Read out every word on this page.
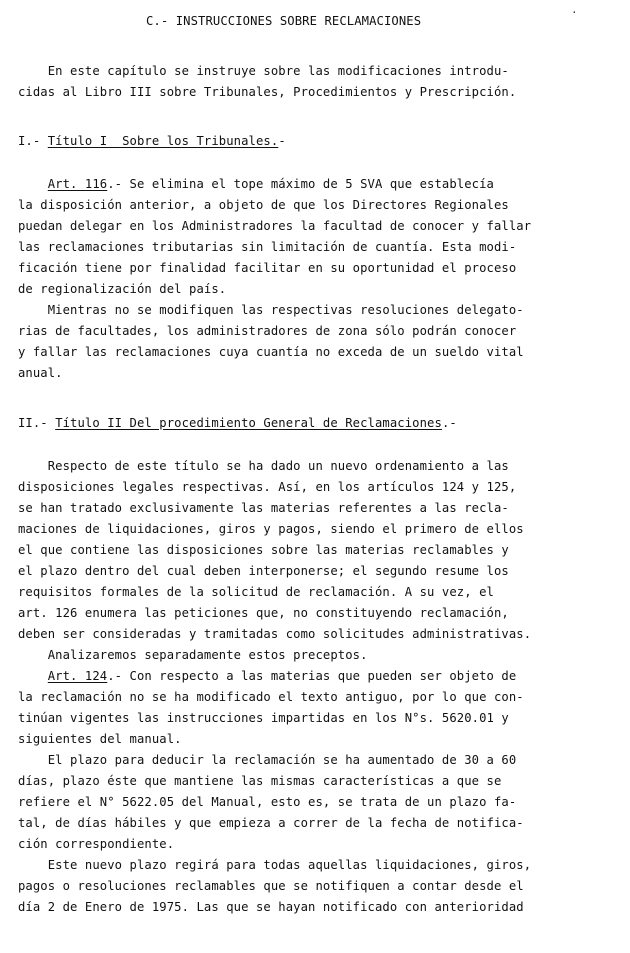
·
C.- INSTRUCCIONES SOBRE RECLAMACIONES
En este capítulo se instruye sobre las modificaciones introdu-
cidas al Libro III sobre Tribunales, Procedimientos y Prescripción.
I.- Título I  Sobre los Tribunales.-
Art. 116.- Se elimina el tope máximo de 5 SVA que establecía
la disposición anterior, a objeto de que los Directores Regionales
puedan delegar en los Administradores la facultad de conocer y fallar
las reclamaciones tributarias sin limitación de cuantía. Esta modi-
ficación tiene por finalidad facilitar en su oportunidad el proceso
de regionalización del país.
Mientras no se modifiquen las respectivas resoluciones delegato-
rias de facultades, los administradores de zona sólo podrán conocer
y fallar las reclamaciones cuya cuantía no exceda de un sueldo vital
anual.
II.- Título II Del procedimiento General de Reclamaciones.-
Respecto de este título se ha dado un nuevo ordenamiento a las
disposiciones legales respectivas. Así, en los artículos 124 y 125,
se han tratado exclusivamente las materias referentes a las recla-
maciones de liquidaciones, giros y pagos, siendo el primero de ellos
el que contiene las disposiciones sobre las materias reclamables y
el plazo dentro del cual deben interponerse; el segundo resume los
requisitos formales de la solicitud de reclamación. A su vez, el
art. 126 enumera las peticiones que, no constituyendo reclamación,
deben ser consideradas y tramitadas como solicitudes administrativas.
Analizaremos separadamente estos preceptos.
Art. 124.- Con respecto a las materias que pueden ser objeto de
la reclamación no se ha modificado el texto antiguo, por lo que con-
tinúan vigentes las instrucciones impartidas en los N°s. 5620.01 y
siguientes del manual.
El plazo para deducir la reclamación se ha aumentado de 30 a 60
días, plazo éste que mantiene las mismas características a que se
refiere el N° 5622.05 del Manual, esto es, se trata de un plazo fa-
tal, de días hábiles y que empieza a correr de la fecha de notifica-
ción correspondiente.
Este nuevo plazo regirá para todas aquellas liquidaciones, giros,
pagos o resoluciones reclamables que se notifiquen a contar desde el
día 2 de Enero de 1975. Las que se hayan notificado con anterioridad
